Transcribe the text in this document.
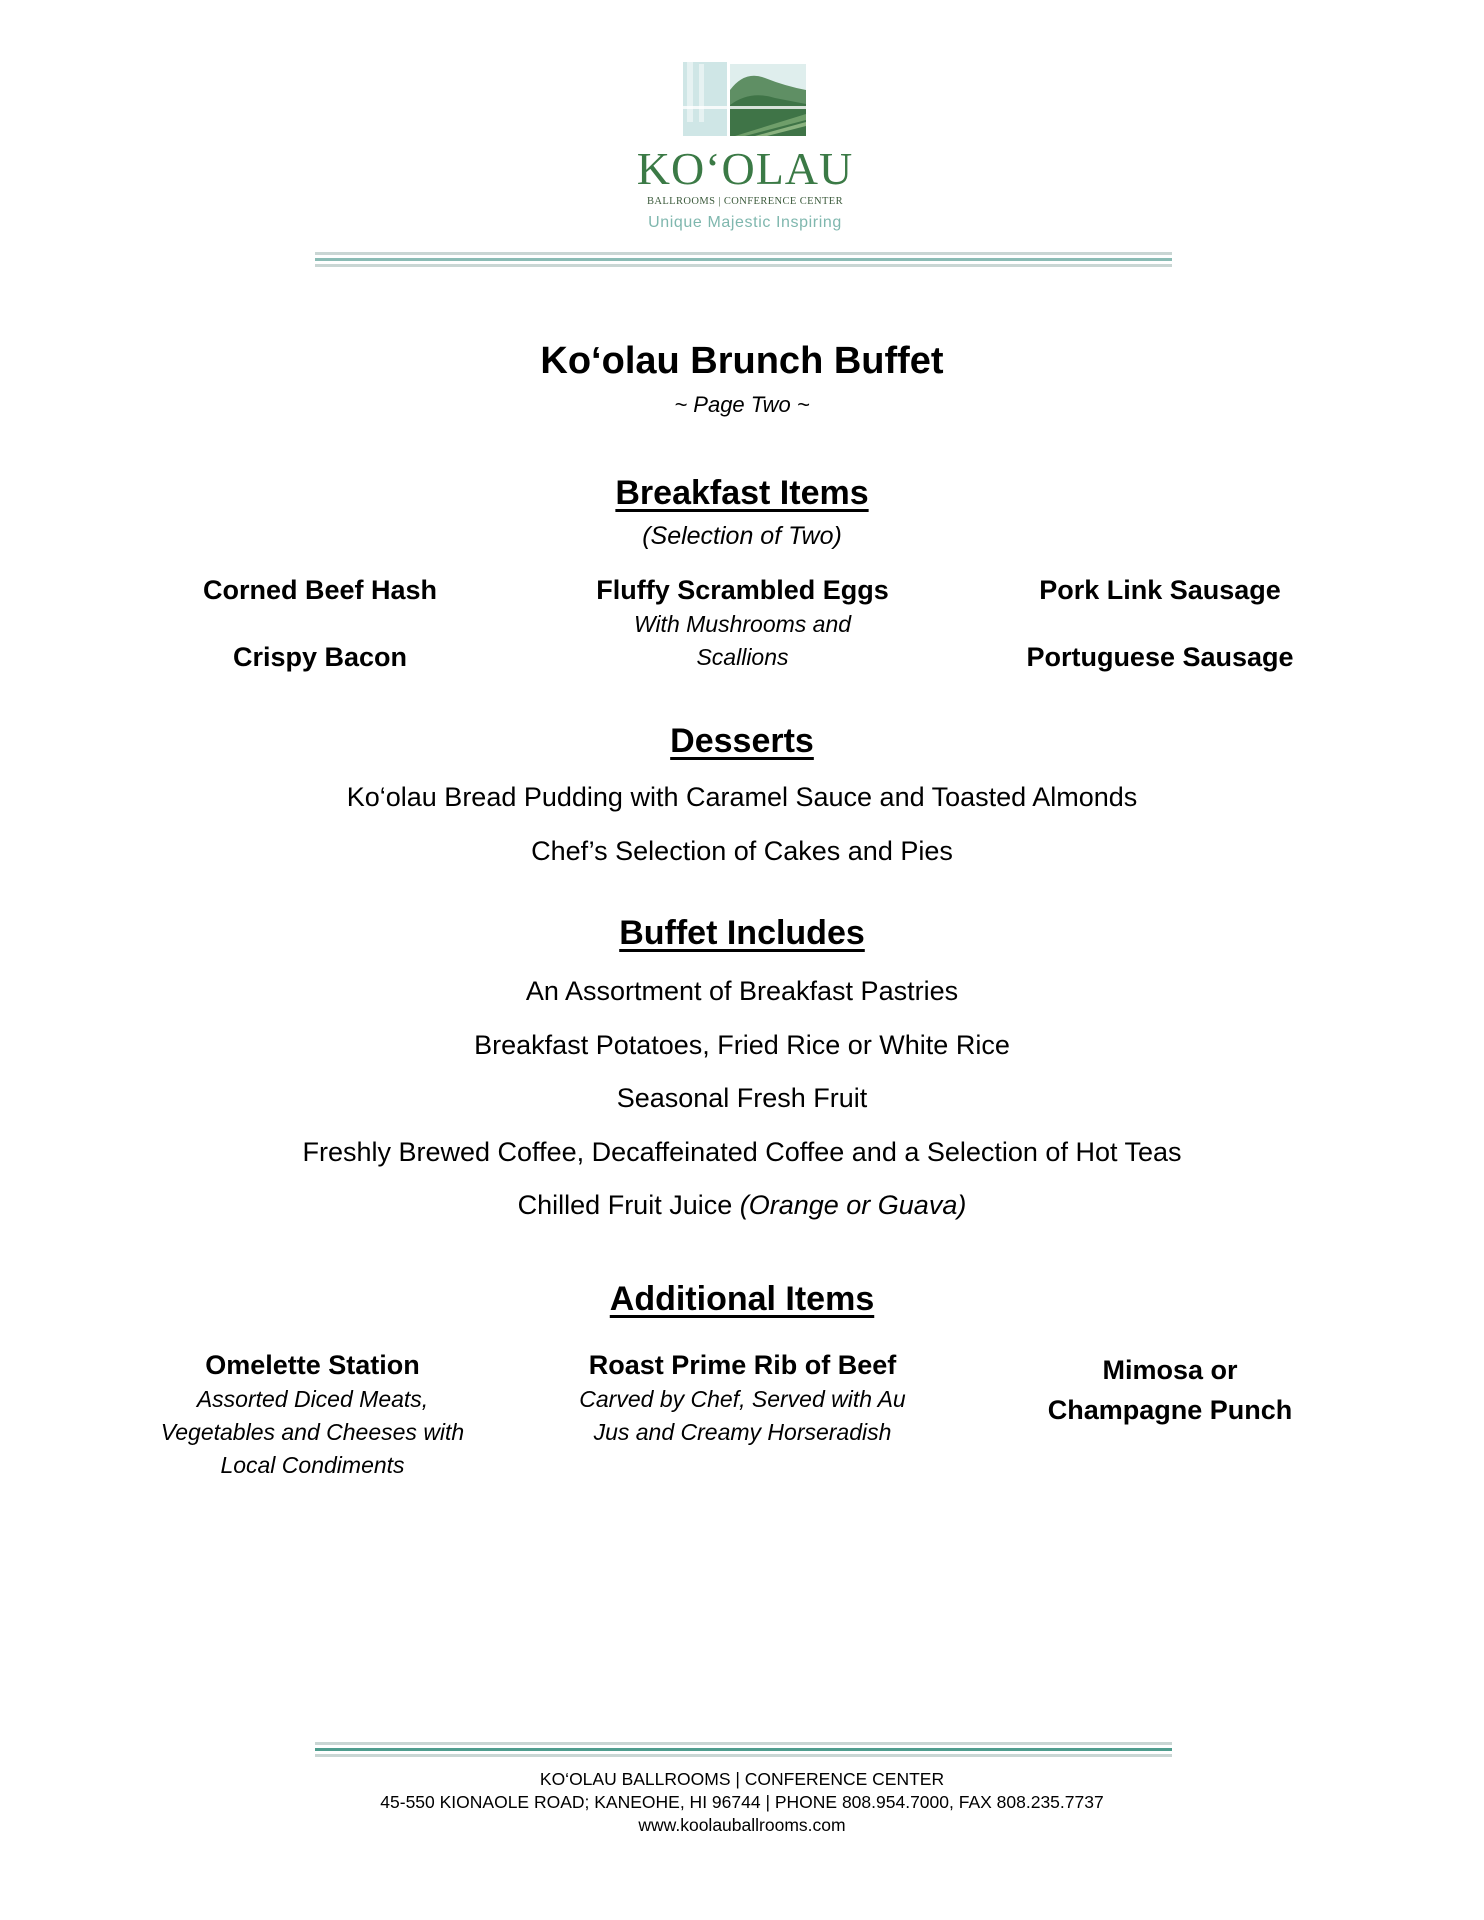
KO‘OLAU
BALLROOMS | CONFERENCE CENTER
Unique Majestic Inspiring
Ko‘olau Brunch Buffet
~ Page Two ~
Breakfast Items
(Selection of Two)
Corned Beef Hash
Crispy Bacon
Fluffy Scrambled Eggs
With Mushrooms and
Scallions
Pork Link Sausage
Portuguese Sausage
Desserts
Ko‘olau Bread Pudding with Caramel Sauce and Toasted Almonds
Chef’s Selection of Cakes and Pies
Buffet Includes
An Assortment of Breakfast Pastries
Breakfast Potatoes, Fried Rice or White Rice
Seasonal Fresh Fruit
Freshly Brewed Coffee, Decaffeinated Coffee and a Selection of Hot Teas
Chilled Fruit Juice (Orange or Guava)
Additional Items
Omelette Station
Assorted Diced Meats,
Vegetables and Cheeses with
Local Condiments
Roast Prime Rib of Beef
Carved by Chef, Served with Au
Jus and Creamy Horseradish
Mimosa or
Champagne Punch
KO‘OLAU BALLROOMS | CONFERENCE CENTER
45-550 KIONAOLE ROAD; KANEOHE, HI 96744 | PHONE 808.954.7000, FAX 808.235.7737
www.koolauballrooms.com
